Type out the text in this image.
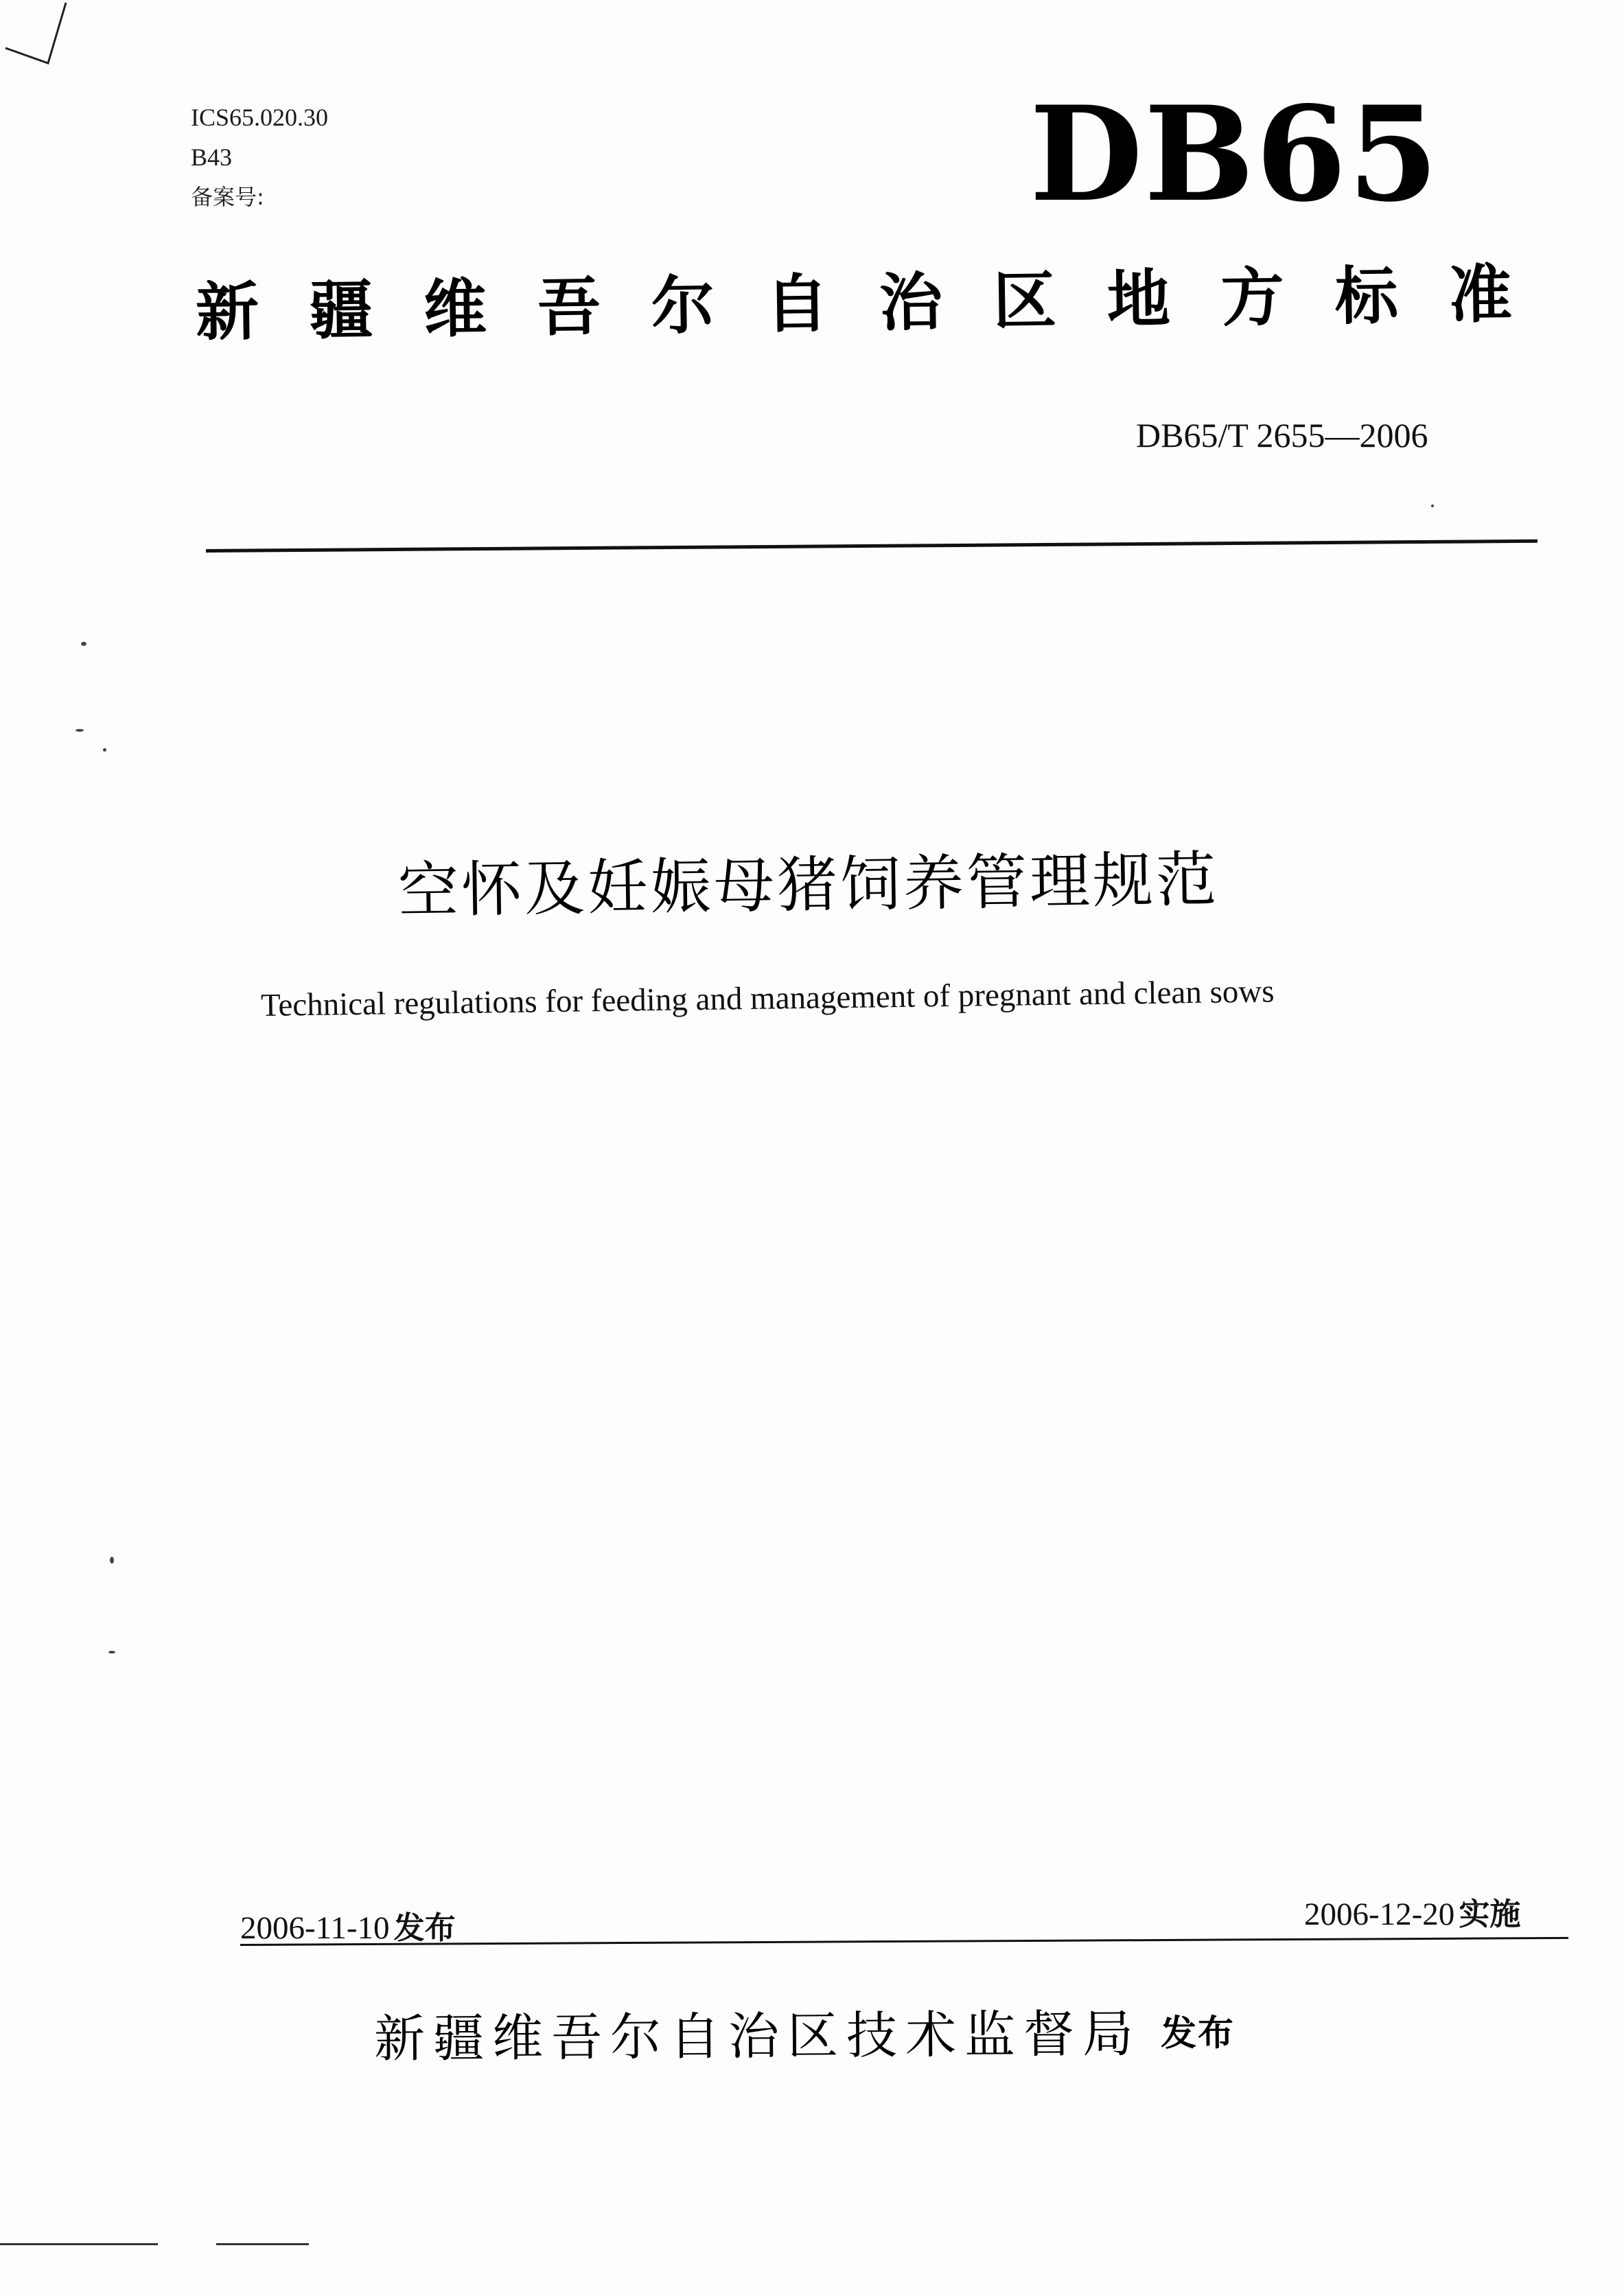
ICS65.020.30
B43
备案号:	DB65
新疆维吾尔自治区地方标准
DB65/T 2655—2006
空怀及妊娠母猪饲养管理规范
Technical regulations for feeding and management of pregnant and clean sows
2006-11-10 发布	2006-12-20 实施
新疆维吾尔自治区技术监督局 发布
